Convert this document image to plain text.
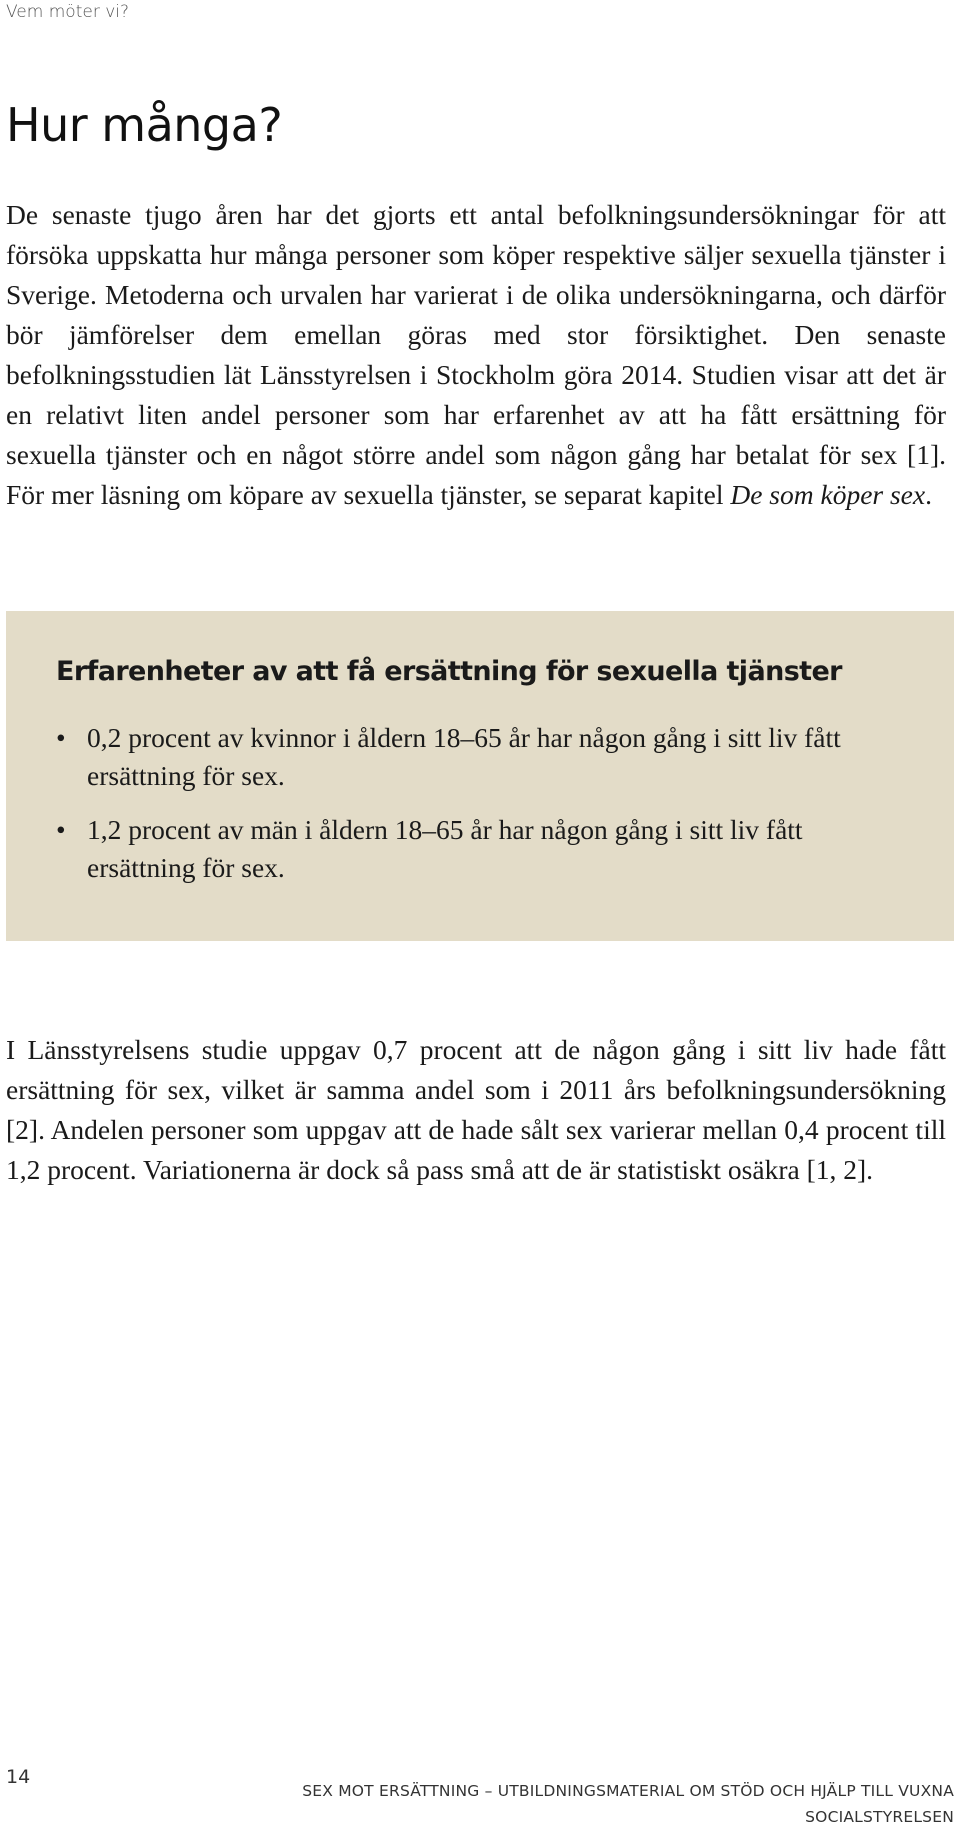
Vem möter vi?
Hur många?

De senaste tjugo åren har det gjorts ett antal befolkningsundersökningar för att försöka uppskatta hur många personer som köper respektive säljer sexuella tjänster i Sverige. Metoderna och urvalen har varierat i de olika undersökningarna, och därför bör jämförelser dem emellan göras med stor försiktighet. Den senaste befolkningsstudien lät Länsstyrelsen i Stockholm göra 2014. Studien visar att det är en relativt liten andel personer som har erfarenhet av att ha fått ersättning för sexuella tjänster och en något större andel som någon gång har betalat för sex [1]. För mer läsning om köpare av sexuella tjänster, se separat kapitel De som köper sex.

Erfarenheter av att få ersättning för sexuella tjänster
• 0,2 procent av kvinnor i åldern 18–65 år har någon gång i sitt liv fått ersättning för sex.
• 1,2 procent av män i åldern 18–65 år har någon gång i sitt liv fått ersättning för sex.

I Länsstyrelsens studie uppgav 0,7 procent att de någon gång i sitt liv hade fått ersättning för sex, vilket är samma andel som i 2011 års befolkningsundersökning [2]. Andelen personer som uppgav att de hade sålt sex varierar mellan 0,4 procent till 1,2 procent. Variationerna är dock så pass små att de är statistiskt osäkra [1, 2].

14
SEX MOT ERSÄTTNING – UTBILDNINGSMATERIAL OM STÖD OCH HJÄLP TILL VUXNA
SOCIALSTYRELSEN
